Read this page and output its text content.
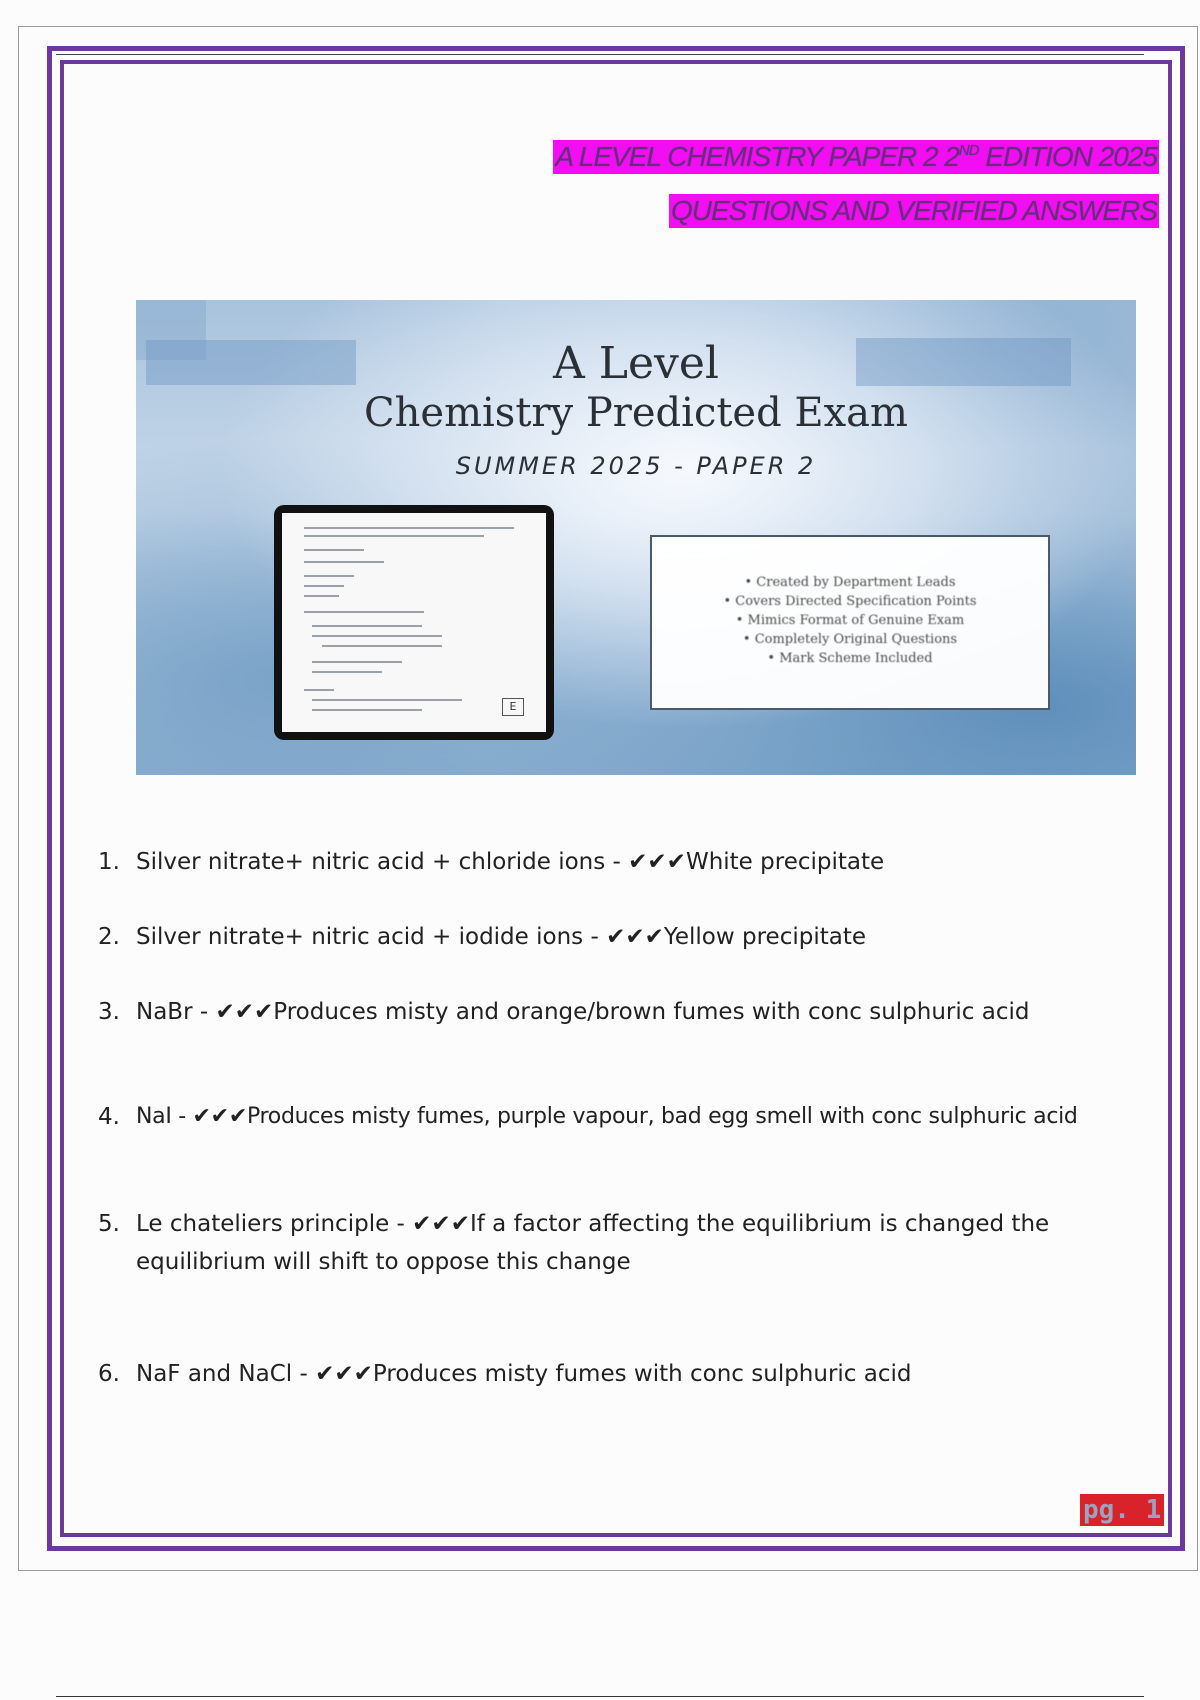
A LEVEL CHEMISTRY PAPER 2 2ND EDITION 2025
QUESTIONS AND VERIFIED ANSWERS
A Level
Chemistry Predicted Exam
SUMMER 2025 - PAPER 2
E
• Created by Department Leads
• Covers Directed Specification Points
• Mimics Format of Genuine Exam
• Completely Original Questions
• Mark Scheme Included
1. Silver nitrate+ nitric acid + chloride ions - ✔✔✔White precipitate
2. Silver nitrate+ nitric acid + iodide ions - ✔✔✔Yellow precipitate
3. NaBr - ✔✔✔Produces misty and orange/brown fumes with conc sulphuric acid
4. NaI - ✔✔✔Produces misty fumes, purple vapour, bad egg smell with conc sulphuric acid
5. Le chateliers principle - ✔✔✔If a factor affecting the equilibrium is changed the equilibrium will shift to oppose this change
6. NaF and NaCl - ✔✔✔Produces misty fumes with conc sulphuric acid
pg. 1
